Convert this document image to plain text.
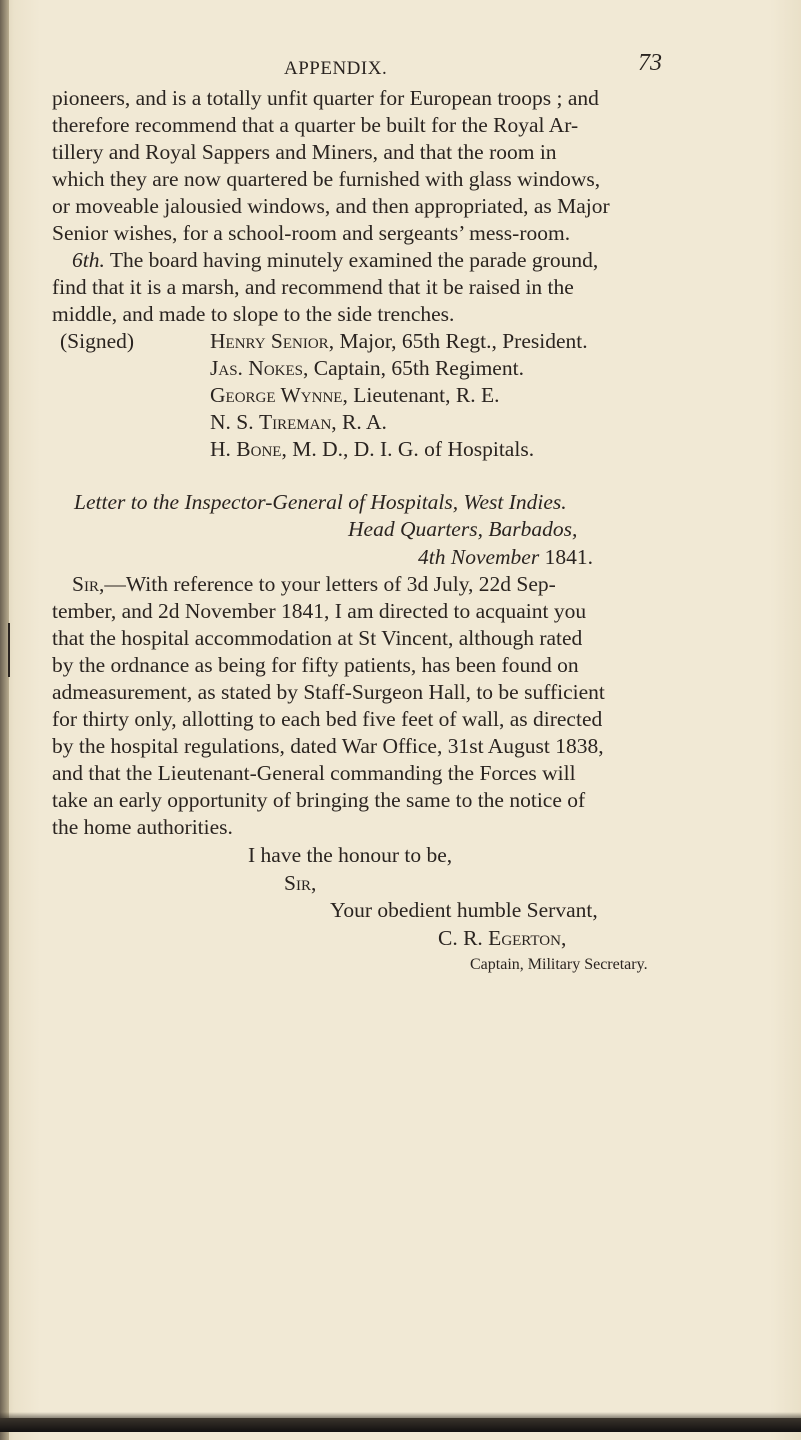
APPENDIX.	73
pioneers, and is a totally unfit quarter for European troops ; and
therefore recommend that a quarter be built for the Royal Ar-
tillery and Royal Sappers and Miners, and that the room in
which they are now quartered be furnished with glass windows,
or moveable jalousied windows, and then appropriated, as Major
Senior wishes, for a school-room and sergeants’ mess-room.
6th. The board having minutely examined the parade ground,
find that it is a marsh, and recommend that it be raised in the
middle, and made to slope to the side trenches.
(Signed)	Henry Senior, Major, 65th Regt., President.
Jas. Nokes, Captain, 65th Regiment.
George Wynne, Lieutenant, R. E.
N. S. Tireman, R. A.
H. Bone, M. D., D. I. G. of Hospitals.
Letter to the Inspector-General of Hospitals, West Indies.
Head Quarters, Barbados,
4th November 1841.
Sir,—With reference to your letters of 3d July, 22d Sep-
tember, and 2d November 1841, I am directed to acquaint you
that the hospital accommodation at St Vincent, although rated
by the ordnance as being for fifty patients, has been found on
admeasurement, as stated by Staff-Surgeon Hall, to be sufficient
for thirty only, allotting to each bed five feet of wall, as directed
by the hospital regulations, dated War Office, 31st August 1838,
and that the Lieutenant-General commanding the Forces will
take an early opportunity of bringing the same to the notice of
the home authorities.
I have the honour to be,
Sir,
Your obedient humble Servant,
C. R. Egerton,
Captain, Military Secretary.
